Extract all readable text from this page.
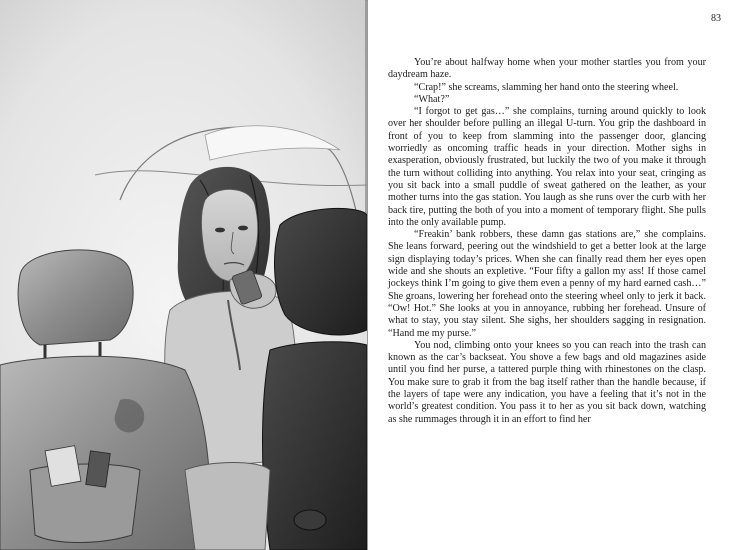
83

You’re about halfway home when your mother startles you from your daydream haze.

“Crap!” she screams, slamming her hand onto the steering wheel.

“What?”

“I forgot to get gas…” she complains, turning around quickly to look over her shoulder before pulling an illegal U-turn. You grip the dashboard in front of you to keep from slamming into the passenger door, glancing worriedly as oncoming traffic heads in your direction. Mother sighs in exasperation, obviously frustrated, but luckily the two of you make it through the turn without colliding into anything. You relax into your seat, cringing as you sit back into a small puddle of sweat gathered on the leather, as your mother turns into the gas station. You laugh as she runs over the curb with her back tire, putting the both of you into a moment of temporary flight. She pulls into the only available pump.

“Freakin’ bank robbers, these damn gas stations are,” she complains. She leans forward, peering out the windshield to get a better look at the large sign displaying today’s prices. When she can finally read them her eyes open wide and she shouts an expletive. “Four fifty a gallon my ass! If those camel jockeys think I’m going to give them even a penny of my hard earned cash…” She groans, lowering her forehead onto the steering wheel only to jerk it back. “Ow! Hot.” She looks at you in annoyance, rubbing her forehead. Unsure of what to stay, you stay silent. She sighs, her shoulders sagging in resignation. “Hand me my purse.”

You nod, climbing onto your knees so you can reach into the trash can known as the car’s backseat. You shove a few bags and old magazines aside until you find her purse, a tattered purple thing with rhinestones on the clasp. You make sure to grab it from the bag itself rather than the handle because, if the layers of tape were any indication, you have a feeling that it’s not in the world’s greatest condition. You pass it to her as you sit back down, watching as she rummages through it in an effort to find her
